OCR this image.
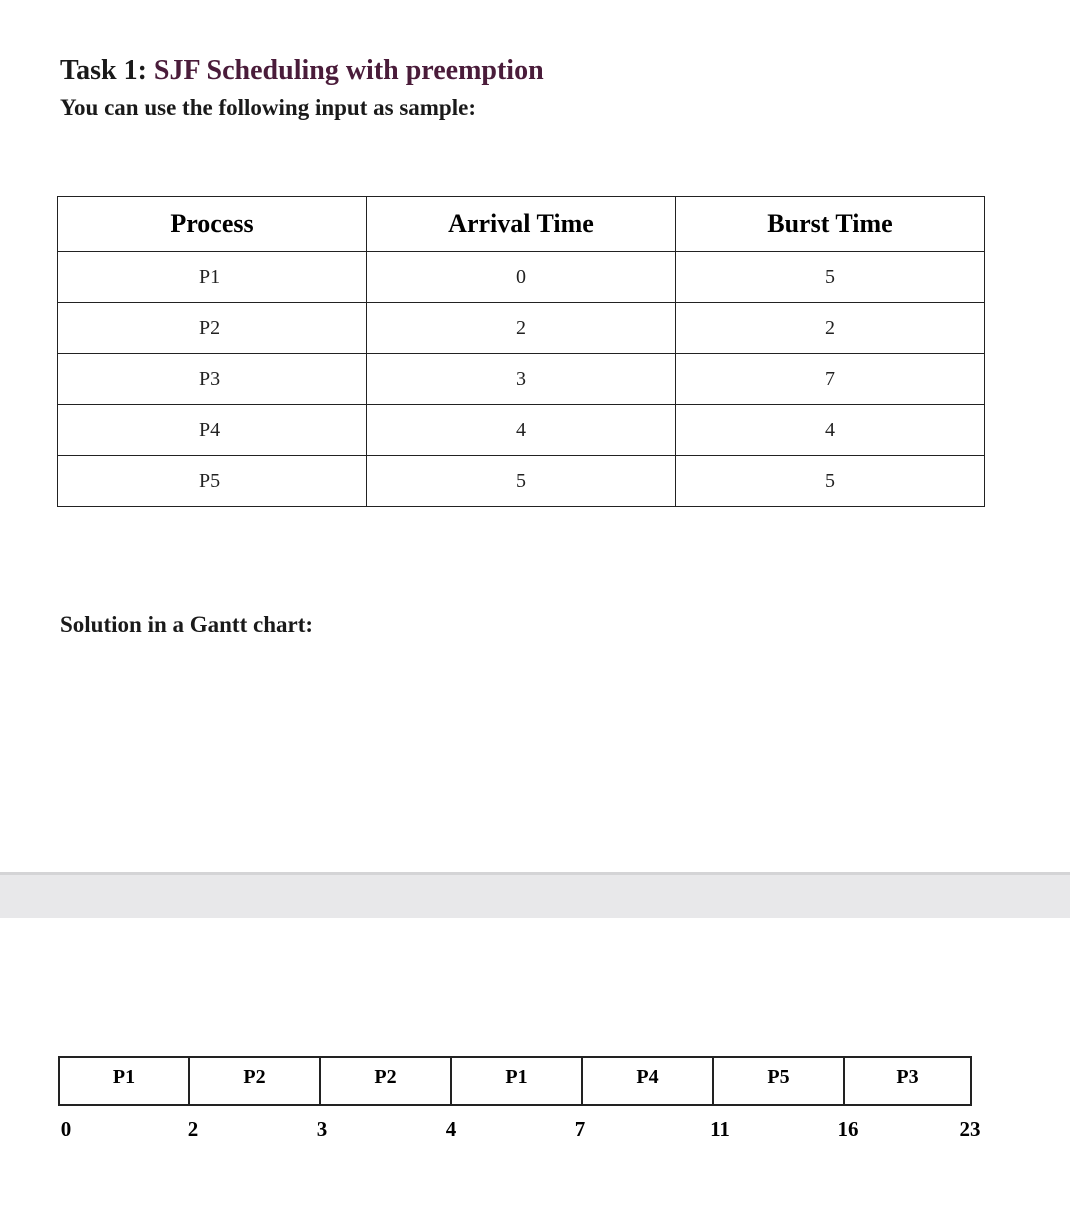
Task 1: SJF Scheduling with preemption

You can use the following input as sample:

Process	Arrival Time	Burst Time
P1	0	5
P2	2	2
P3	3	7
P4	4	4
P5	5	5

Solution in a Gantt chart:

P1	P2	P2	P1	P4	P5	P3
0	2	3	4	7	11	16	23
